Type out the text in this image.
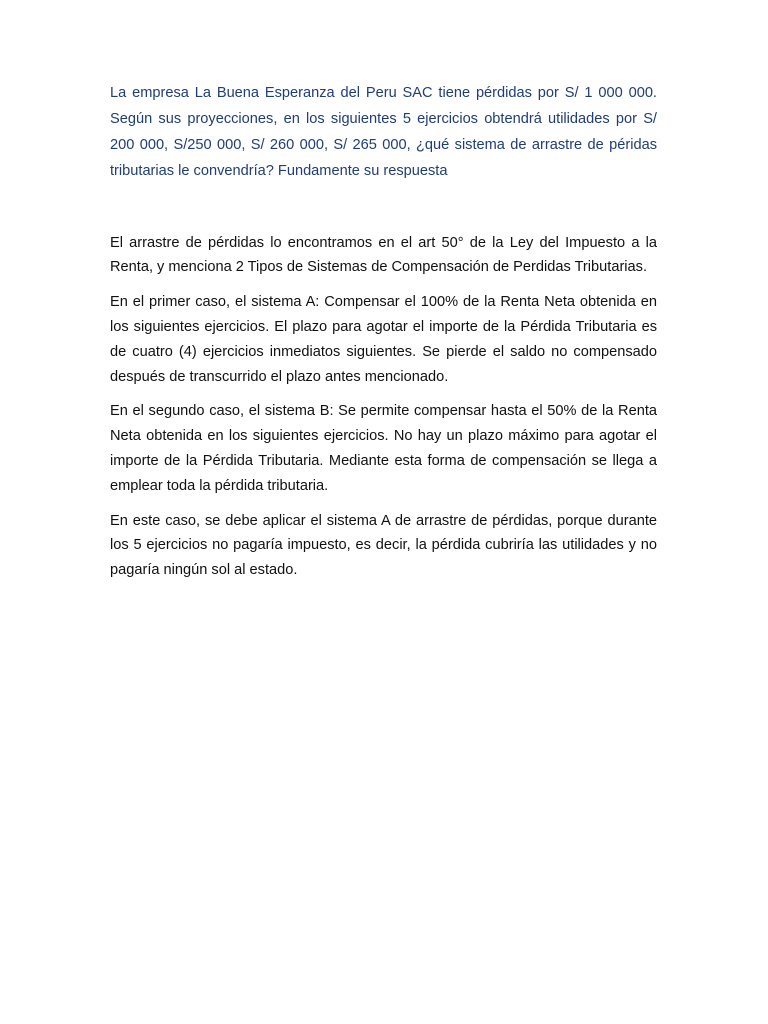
La empresa La Buena Esperanza del Peru SAC tiene pérdidas por S/ 1 000 000. Según sus proyecciones, en los siguientes 5 ejercicios obtendrá utilidades por S/ 200 000, S/250 000, S/ 260 000, S/ 265 000, ¿qué sistema de arrastre de péridas tributarias le convendría? Fundamente su respuesta

El arrastre de pérdidas lo encontramos en el art 50° de la Ley del Impuesto a la Renta, y menciona 2 Tipos de Sistemas de Compensación de Perdidas Tributarias.

En el primer caso, el sistema A: Compensar el 100% de la Renta Neta obtenida en los siguientes ejercicios. El plazo para agotar el importe de la Pérdida Tributaria es de cuatro (4) ejercicios inmediatos siguientes. Se pierde el saldo no compensado después de transcurrido el plazo antes mencionado.

En el segundo caso, el sistema B: Se permite compensar hasta el 50% de la Renta Neta obtenida en los siguientes ejercicios. No hay un plazo máximo para agotar el importe de la Pérdida Tributaria. Mediante esta forma de compensación se llega a emplear toda la pérdida tributaria.

En este caso, se debe aplicar el sistema A de arrastre de pérdidas, porque durante los 5 ejercicios no pagaría impuesto, es decir, la pérdida cubriría las utilidades y no pagaría ningún sol al estado.
